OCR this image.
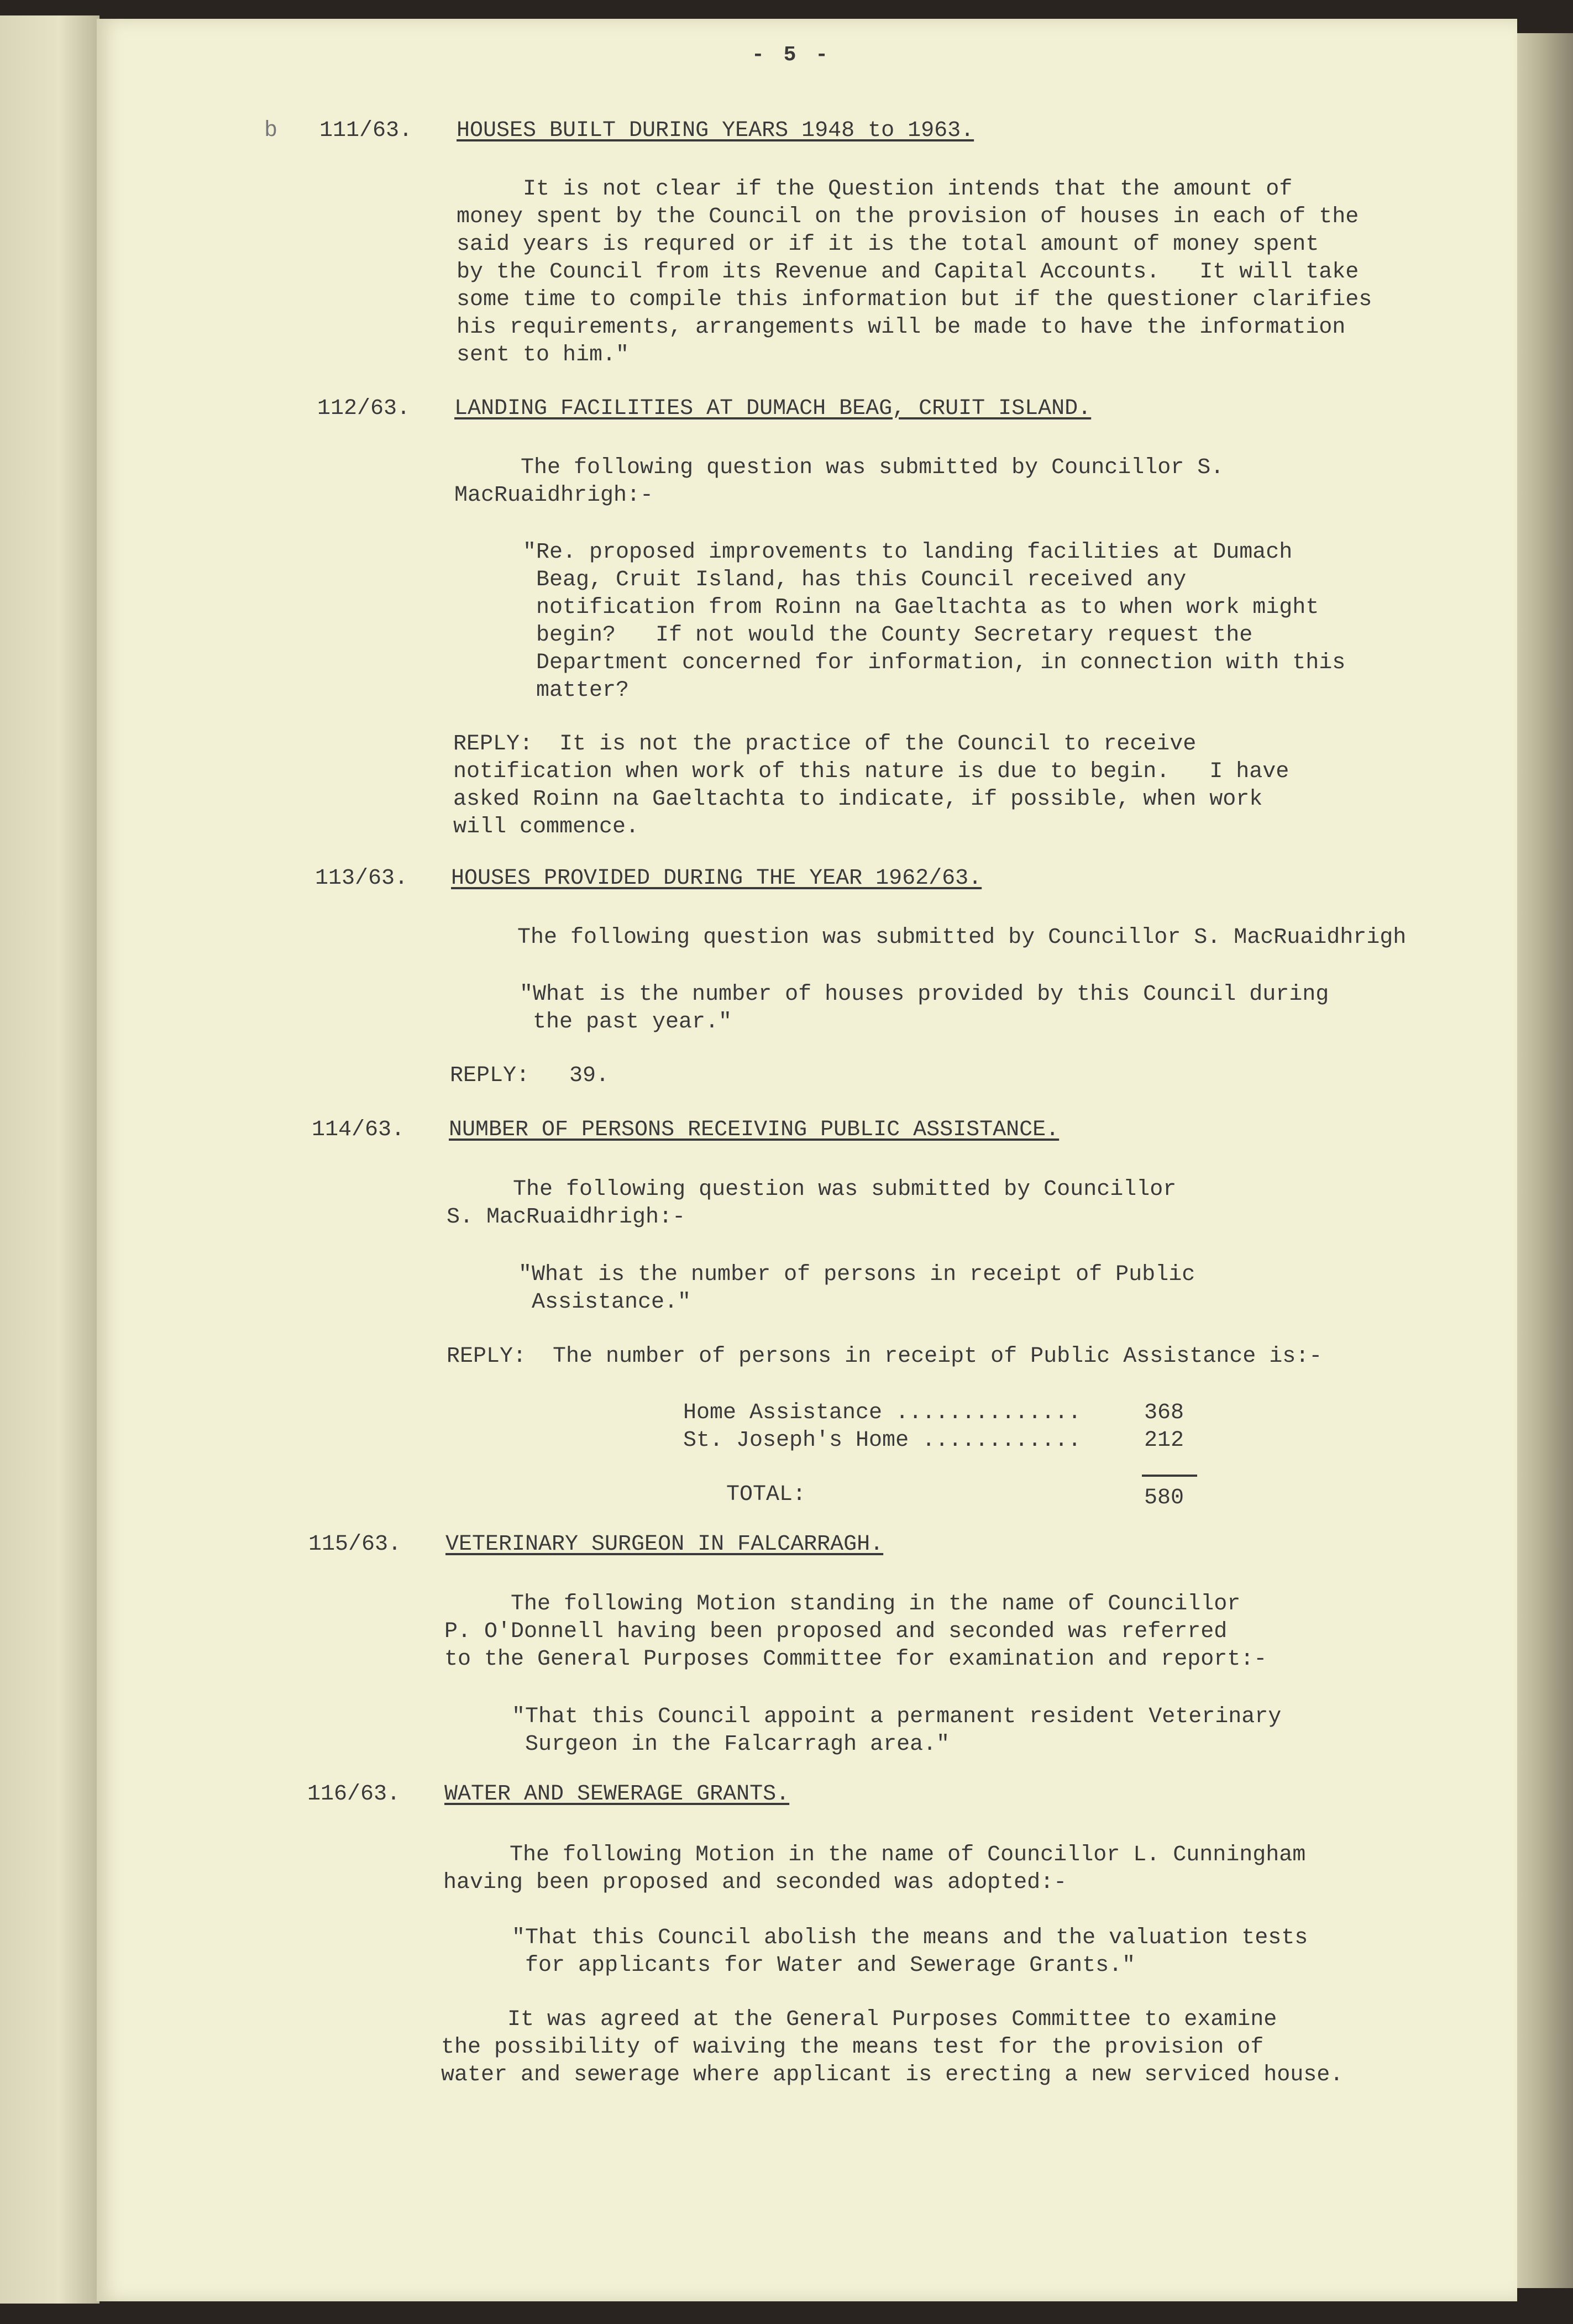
- 5 -
b 111/63.	HOUSES BUILT DURING YEARS 1948 to 1963.
It is not clear if the Question intends that the amount of
money spent by the Council on the provision of houses in each of the
said years is requred or if it is the total amount of money spent
by the Council from its Revenue and Capital Accounts.   It will take
some time to compile this information but if the questioner clarifies
his requirements, arrangements will be made to have the information
sent to him."
112/63.	LANDING FACILITIES AT DUMACH BEAG, CRUIT ISLAND.
The following question was submitted by Councillor S.
MacRuaidhrigh:-
"Re. proposed improvements to landing facilities at Dumach
Beag, Cruit Island, has this Council received any
notification from Roinn na Gaeltachta as to when work might
begin?   If not would the County Secretary request the
Department concerned for information, in connection with this
matter?
REPLY:  It is not the practice of the Council to receive
notification when work of this nature is due to begin.   I have
asked Roinn na Gaeltachta to indicate, if possible, when work
will commence.
113/63.	HOUSES PROVIDED DURING THE YEAR 1962/63.
The following question was submitted by Councillor S. MacRuaidhrigh
"What is the number of houses provided by this Council during
the past year."
REPLY:   39.
114/63.	NUMBER OF PERSONS RECEIVING PUBLIC ASSISTANCE.
The following question was submitted by Councillor
S. MacRuaidhrigh:-
"What is the number of persons in receipt of Public
Assistance."
REPLY:  The number of persons in receipt of Public Assistance is:-
Home Assistance ..............	368
St. Joseph's Home ............	212
TOTAL:	580
115/63.	VETERINARY SURGEON IN FALCARRAGH.
The following Motion standing in the name of Councillor
P. O'Donnell having been proposed and seconded was referred
to the General Purposes Committee for examination and report:-
"That this Council appoint a permanent resident Veterinary
Surgeon in the Falcarragh area."
116/63.	WATER AND SEWERAGE GRANTS.
The following Motion in the name of Councillor L. Cunningham
having been proposed and seconded was adopted:-
"That this Council abolish the means and the valuation tests
for applicants for Water and Sewerage Grants."
It was agreed at the General Purposes Committee to examine
the possibility of waiving the means test for the provision of
water and sewerage where applicant is erecting a new serviced house.
